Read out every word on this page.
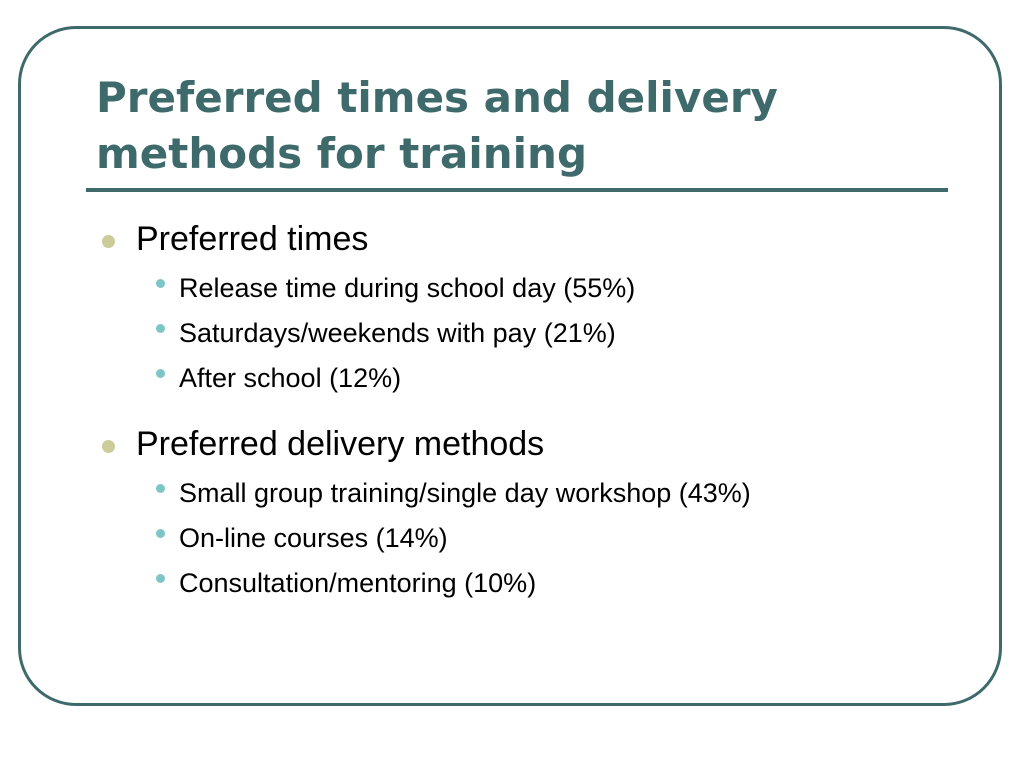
Preferred times and delivery methods for training
Preferred times
Release time during school day (55%)
Saturdays/weekends with pay (21%)
After school (12%)
Preferred delivery methods
Small group training/single day workshop (43%)
On-line courses (14%)
Consultation/mentoring (10%)
